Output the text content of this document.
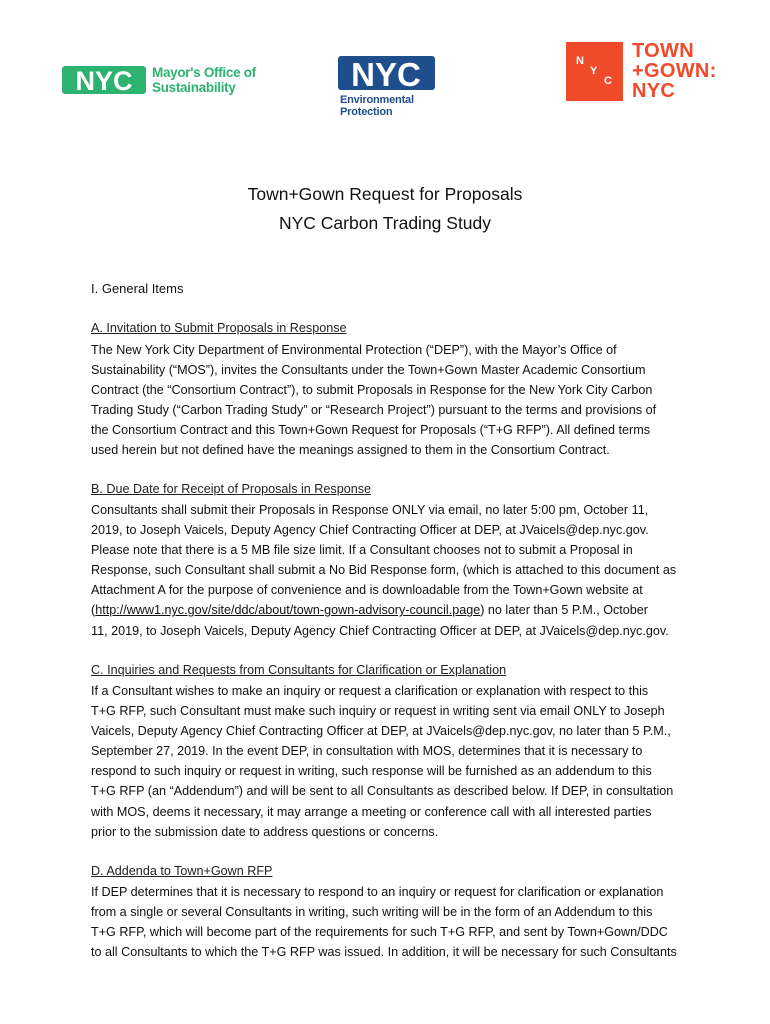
NYC Mayor's Office of
Sustainability	NYC
Environmental
Protection
N
Y
C
TOWN
+GOWN:
NYC
Town+Gown Request for Proposals
NYC Carbon Trading Study
I. General Items
A. Invitation to Submit Proposals in Response
The New York City Department of Environmental Protection (“DEP”), with the Mayor’s Office of
Sustainability (“MOS”), invites the Consultants under the Town+Gown Master Academic Consortium
Contract (the “Consortium Contract”), to submit Proposals in Response for the New York City Carbon
Trading Study (“Carbon Trading Study” or “Research Project”) pursuant to the terms and provisions of
the Consortium Contract and this Town+Gown Request for Proposals (“T+G RFP”). All defined terms
used herein but not defined have the meanings assigned to them in the Consortium Contract.
B. Due Date for Receipt of Proposals in Response
Consultants shall submit their Proposals in Response ONLY via email, no later 5:00 pm, October 11,
2019, to Joseph Vaicels, Deputy Agency Chief Contracting Officer at DEP, at JVaicels@dep.nyc.gov.
Please note that there is a 5 MB file size limit. If a Consultant chooses not to submit a Proposal in
Response, such Consultant shall submit a No Bid Response form, (which is attached to this document as
Attachment A for the purpose of convenience and is downloadable from the Town+Gown website at
(http://www1.nyc.gov/site/ddc/about/town-gown-advisory-council.page) no later than 5 P.M., October
11, 2019, to Joseph Vaicels, Deputy Agency Chief Contracting Officer at DEP, at JVaicels@dep.nyc.gov.
C. Inquiries and Requests from Consultants for Clarification or Explanation
If a Consultant wishes to make an inquiry or request a clarification or explanation with respect to this
T+G RFP, such Consultant must make such inquiry or request in writing sent via email ONLY to Joseph
Vaicels, Deputy Agency Chief Contracting Officer at DEP, at JVaicels@dep.nyc.gov, no later than 5 P.M.,
September 27, 2019. In the event DEP, in consultation with MOS, determines that it is necessary to
respond to such inquiry or request in writing, such response will be furnished as an addendum to this
T+G RFP (an “Addendum”) and will be sent to all Consultants as described below. If DEP, in consultation
with MOS, deems it necessary, it may arrange a meeting or conference call with all interested parties
prior to the submission date to address questions or concerns.
D. Addenda to Town+Gown RFP
If DEP determines that it is necessary to respond to an inquiry or request for clarification or explanation
from a single or several Consultants in writing, such writing will be in the form of an Addendum to this
T+G RFP, which will become part of the requirements for such T+G RFP, and sent by Town+Gown/DDC
to all Consultants to which the T+G RFP was issued. In addition, it will be necessary for such Consultants
